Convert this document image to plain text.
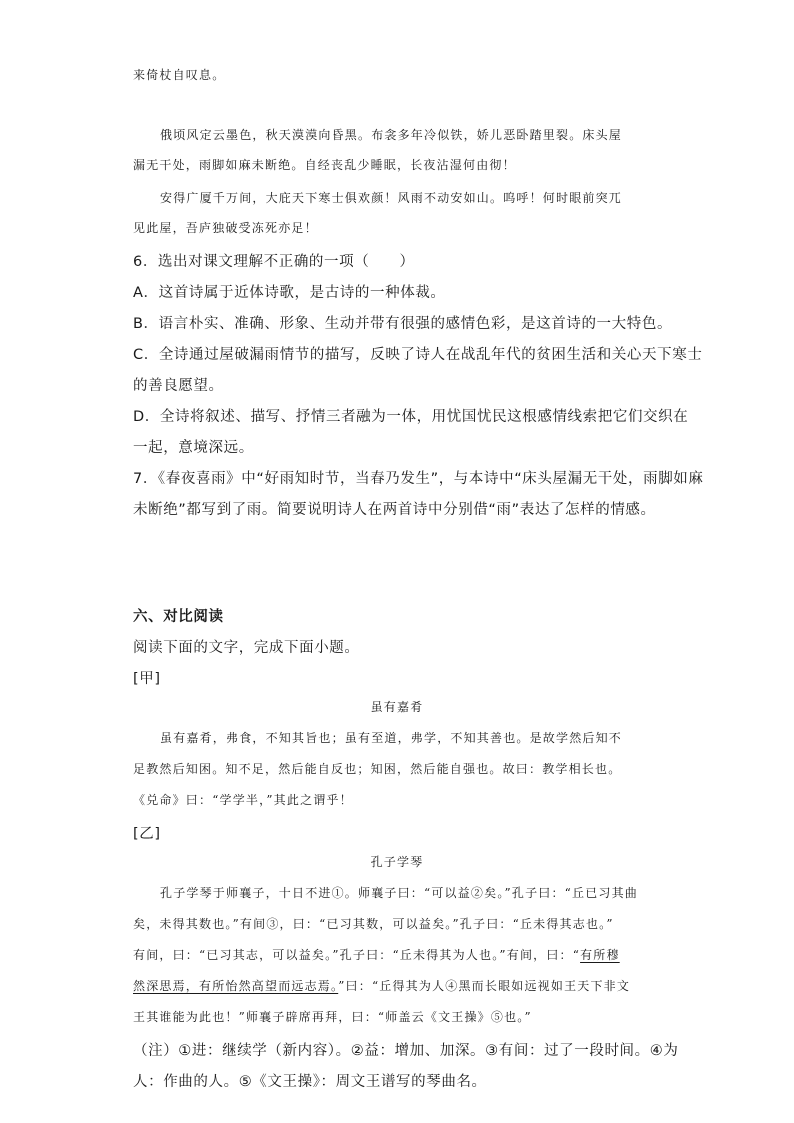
来倚杖自叹息。
俄顷风定云墨色，秋天漠漠向昏黑。布衾多年冷似铁，娇儿恶卧踏里裂。床头屋
漏无干处，雨脚如麻未断绝。自经丧乱少睡眠，长夜沾湿何由彻！
安得广厦千万间，大庇天下寒士俱欢颜！风雨不动安如山。呜呼！何时眼前突兀
见此屋，吾庐独破受冻死亦足！
6．选出对课文理解不正确的一项（　　）
A．这首诗属于近体诗歌，是古诗的一种体裁。
B．语言朴实、准确、形象、生动并带有很强的感情色彩，是这首诗的一大特色。
C．全诗通过屋破漏雨情节的描写，反映了诗人在战乱年代的贫困生活和关心天下寒士
的善良愿望。
D．全诗将叙述、描写、抒情三者融为一体，用忧国忧民这根感情线索把它们交织在
一起，意境深远。
7．《春夜喜雨》中“好雨知时节，当春乃发生”，与本诗中“床头屋漏无干处，雨脚如麻
未断绝”都写到了雨。简要说明诗人在两首诗中分别借“雨”表达了怎样的情感。
六、对比阅读
阅读下面的文字，完成下面小题。
[甲]
虽有嘉肴
虽有嘉肴，弗食，不知其旨也；虽有至道，弗学，不知其善也。是故学然后知不
足教然后知困。知不足，然后能自反也；知困，然后能自强也。故曰：教学相长也。
《兑命》曰：“学学半，”其此之谓乎！
[乙]
孔子学琴
孔子学琴于师襄子，十日不进①。师襄子曰：“可以益②矣。”孔子曰：“丘已习其曲
矣，未得其数也。”有间③，曰：“已习其数，可以益矣。”孔子曰：“丘未得其志也。”
有间，曰：“已习其志，可以益矣。”孔子曰：“丘未得其为人也。”有间，曰：“有所穆
然深思焉，有所怡然高望而远志焉。”曰：“丘得其为人④黑而长眼如远视如王天下非文
王其谁能为此也！”师襄子辟席再拜，曰：“师盖云《文王操》⑤也。”
（注）①进：继续学（新内容）。②益：增加、加深。③有间：过了一段时间。④为
人：作曲的人。⑤《文王操》：周文王谱写的琴曲名。
